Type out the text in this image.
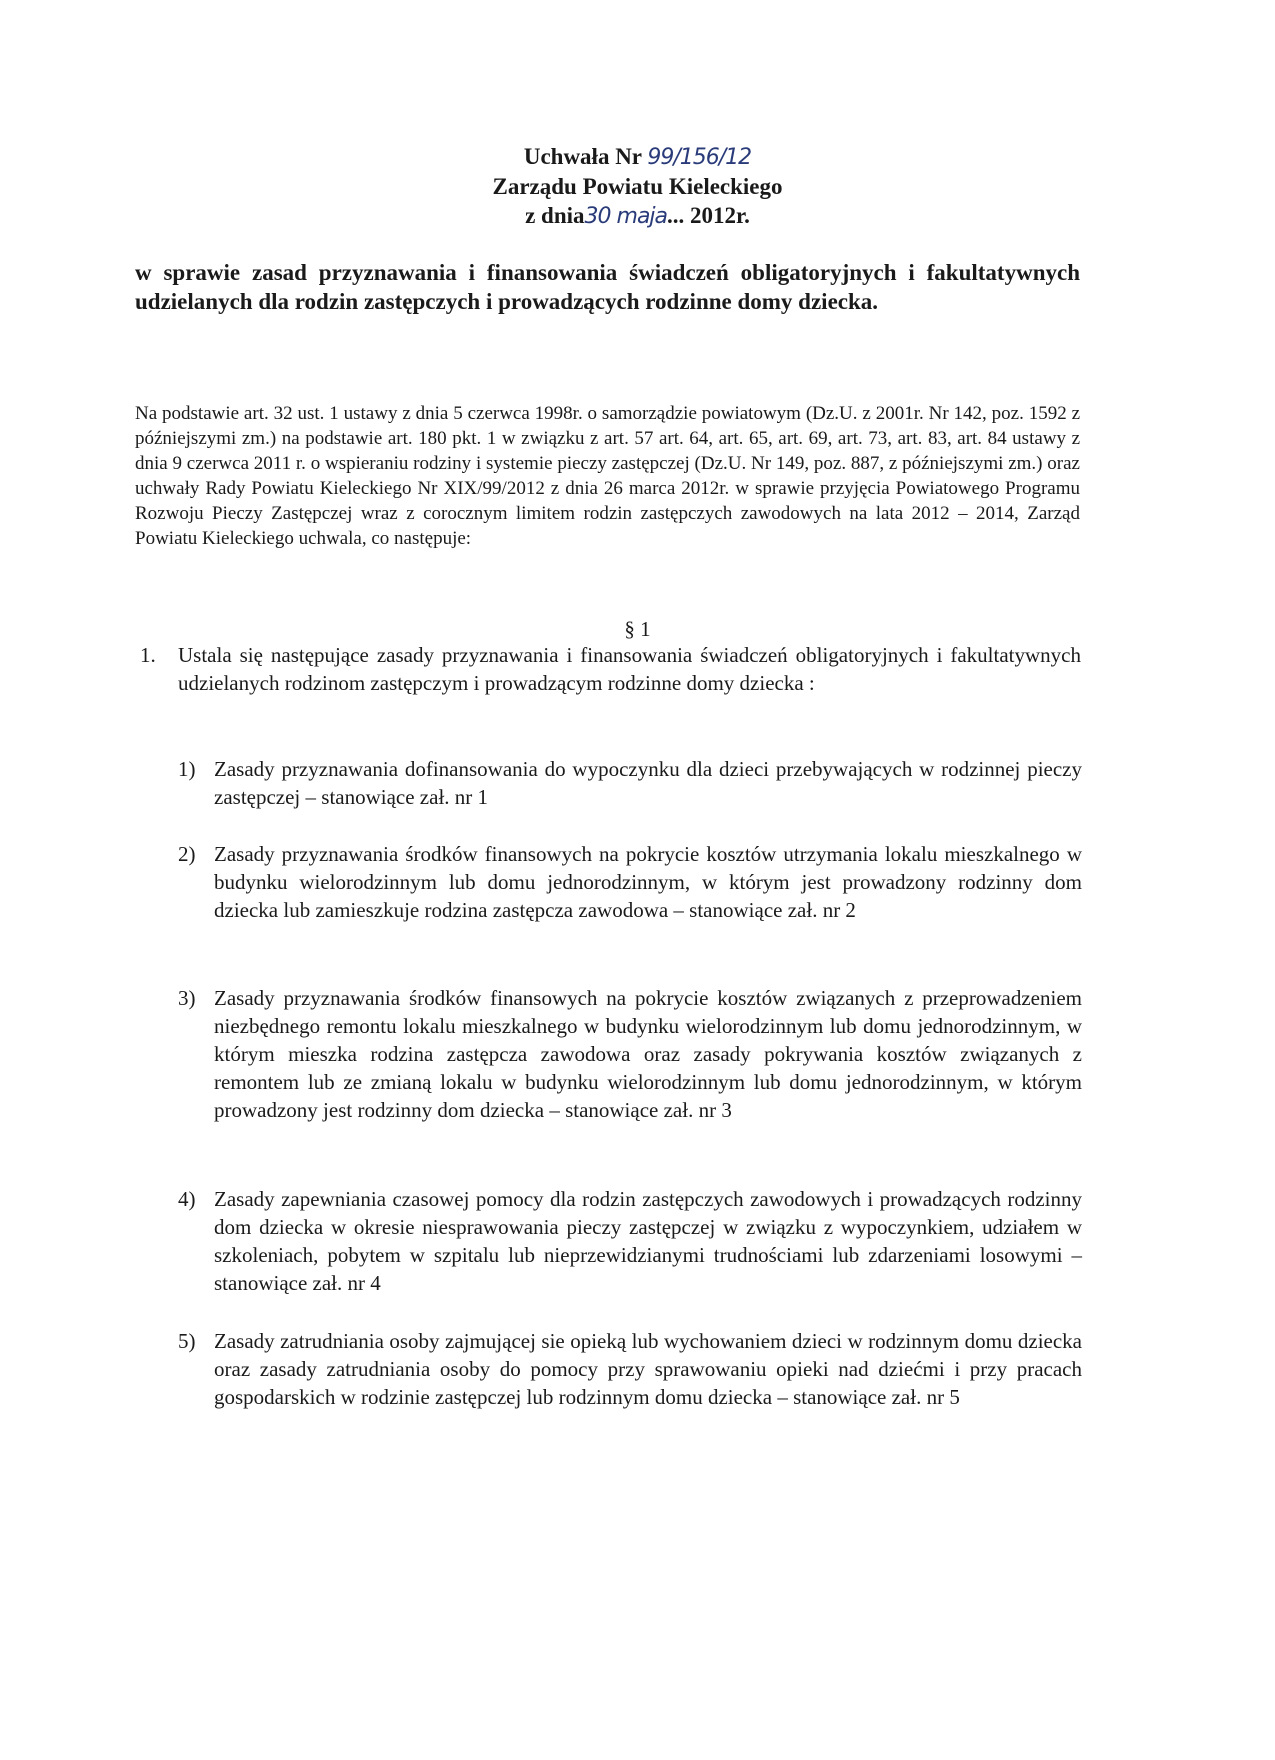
Uchwała Nr 99/156/12
Zarządu Powiatu Kieleckiego
z dnia30 maja... 2012r.
w sprawie zasad przyznawania i finansowania świadczeń obligatoryjnych i fakultatywnych udzielanych dla rodzin zastępczych i prowadzących rodzinne domy dziecka.
Na podstawie art. 32 ust. 1 ustawy z dnia 5 czerwca 1998r. o samorządzie powiatowym (Dz.U. z 2001r. Nr 142, poz. 1592 z późniejszymi zm.) na podstawie art. 180 pkt. 1 w związku z art. 57 art. 64, art. 65, art. 69, art. 73, art. 83, art. 84 ustawy z dnia 9 czerwca 2011 r. o wspieraniu rodziny i systemie pieczy zastępczej (Dz.U. Nr 149, poz. 887, z późniejszymi zm.) oraz uchwały Rady Powiatu Kieleckiego Nr XIX/99/2012 z dnia 26 marca 2012r. w sprawie przyjęcia Powiatowego Programu Rozwoju Pieczy Zastępczej wraz z corocznym limitem rodzin zastępczych zawodowych na lata 2012 – 2014, Zarząd Powiatu Kieleckiego uchwala, co następuje:
§ 1
1. Ustala się następujące zasady przyznawania i finansowania świadczeń obligatoryjnych i fakultatywnych udzielanych rodzinom zastępczym i prowadzącym rodzinne domy dziecka :
1) Zasady przyznawania dofinansowania do wypoczynku dla dzieci przebywających w rodzinnej pieczy zastępczej – stanowiące zał. nr 1
2) Zasady przyznawania środków finansowych na pokrycie kosztów utrzymania lokalu mieszkalnego w budynku wielorodzinnym lub domu jednorodzinnym, w którym jest prowadzony rodzinny dom dziecka lub zamieszkuje rodzina zastępcza zawodowa – stanowiące zał. nr 2
3) Zasady przyznawania środków finansowych na pokrycie kosztów związanych z przeprowadzeniem niezbędnego remontu lokalu mieszkalnego w budynku wielorodzinnym lub domu jednorodzinnym, w którym mieszka rodzina zastępcza zawodowa oraz zasady pokrywania kosztów związanych z remontem lub ze zmianą lokalu w budynku wielorodzinnym lub domu jednorodzinnym, w którym prowadzony jest rodzinny dom dziecka – stanowiące zał. nr 3
4) Zasady zapewniania czasowej pomocy dla rodzin zastępczych zawodowych i prowadzących rodzinny dom dziecka w okresie niesprawowania pieczy zastępczej w związku z wypoczynkiem, udziałem w szkoleniach, pobytem w szpitalu lub nieprzewidzianymi trudnościami lub zdarzeniami losowymi – stanowiące zał. nr 4
5) Zasady zatrudniania osoby zajmującej sie opieką lub wychowaniem dzieci w rodzinnym domu dziecka oraz zasady zatrudniania osoby do pomocy przy sprawowaniu opieki nad dziećmi i przy pracach gospodarskich w rodzinie zastępczej lub rodzinnym domu dziecka – stanowiące zał. nr 5
